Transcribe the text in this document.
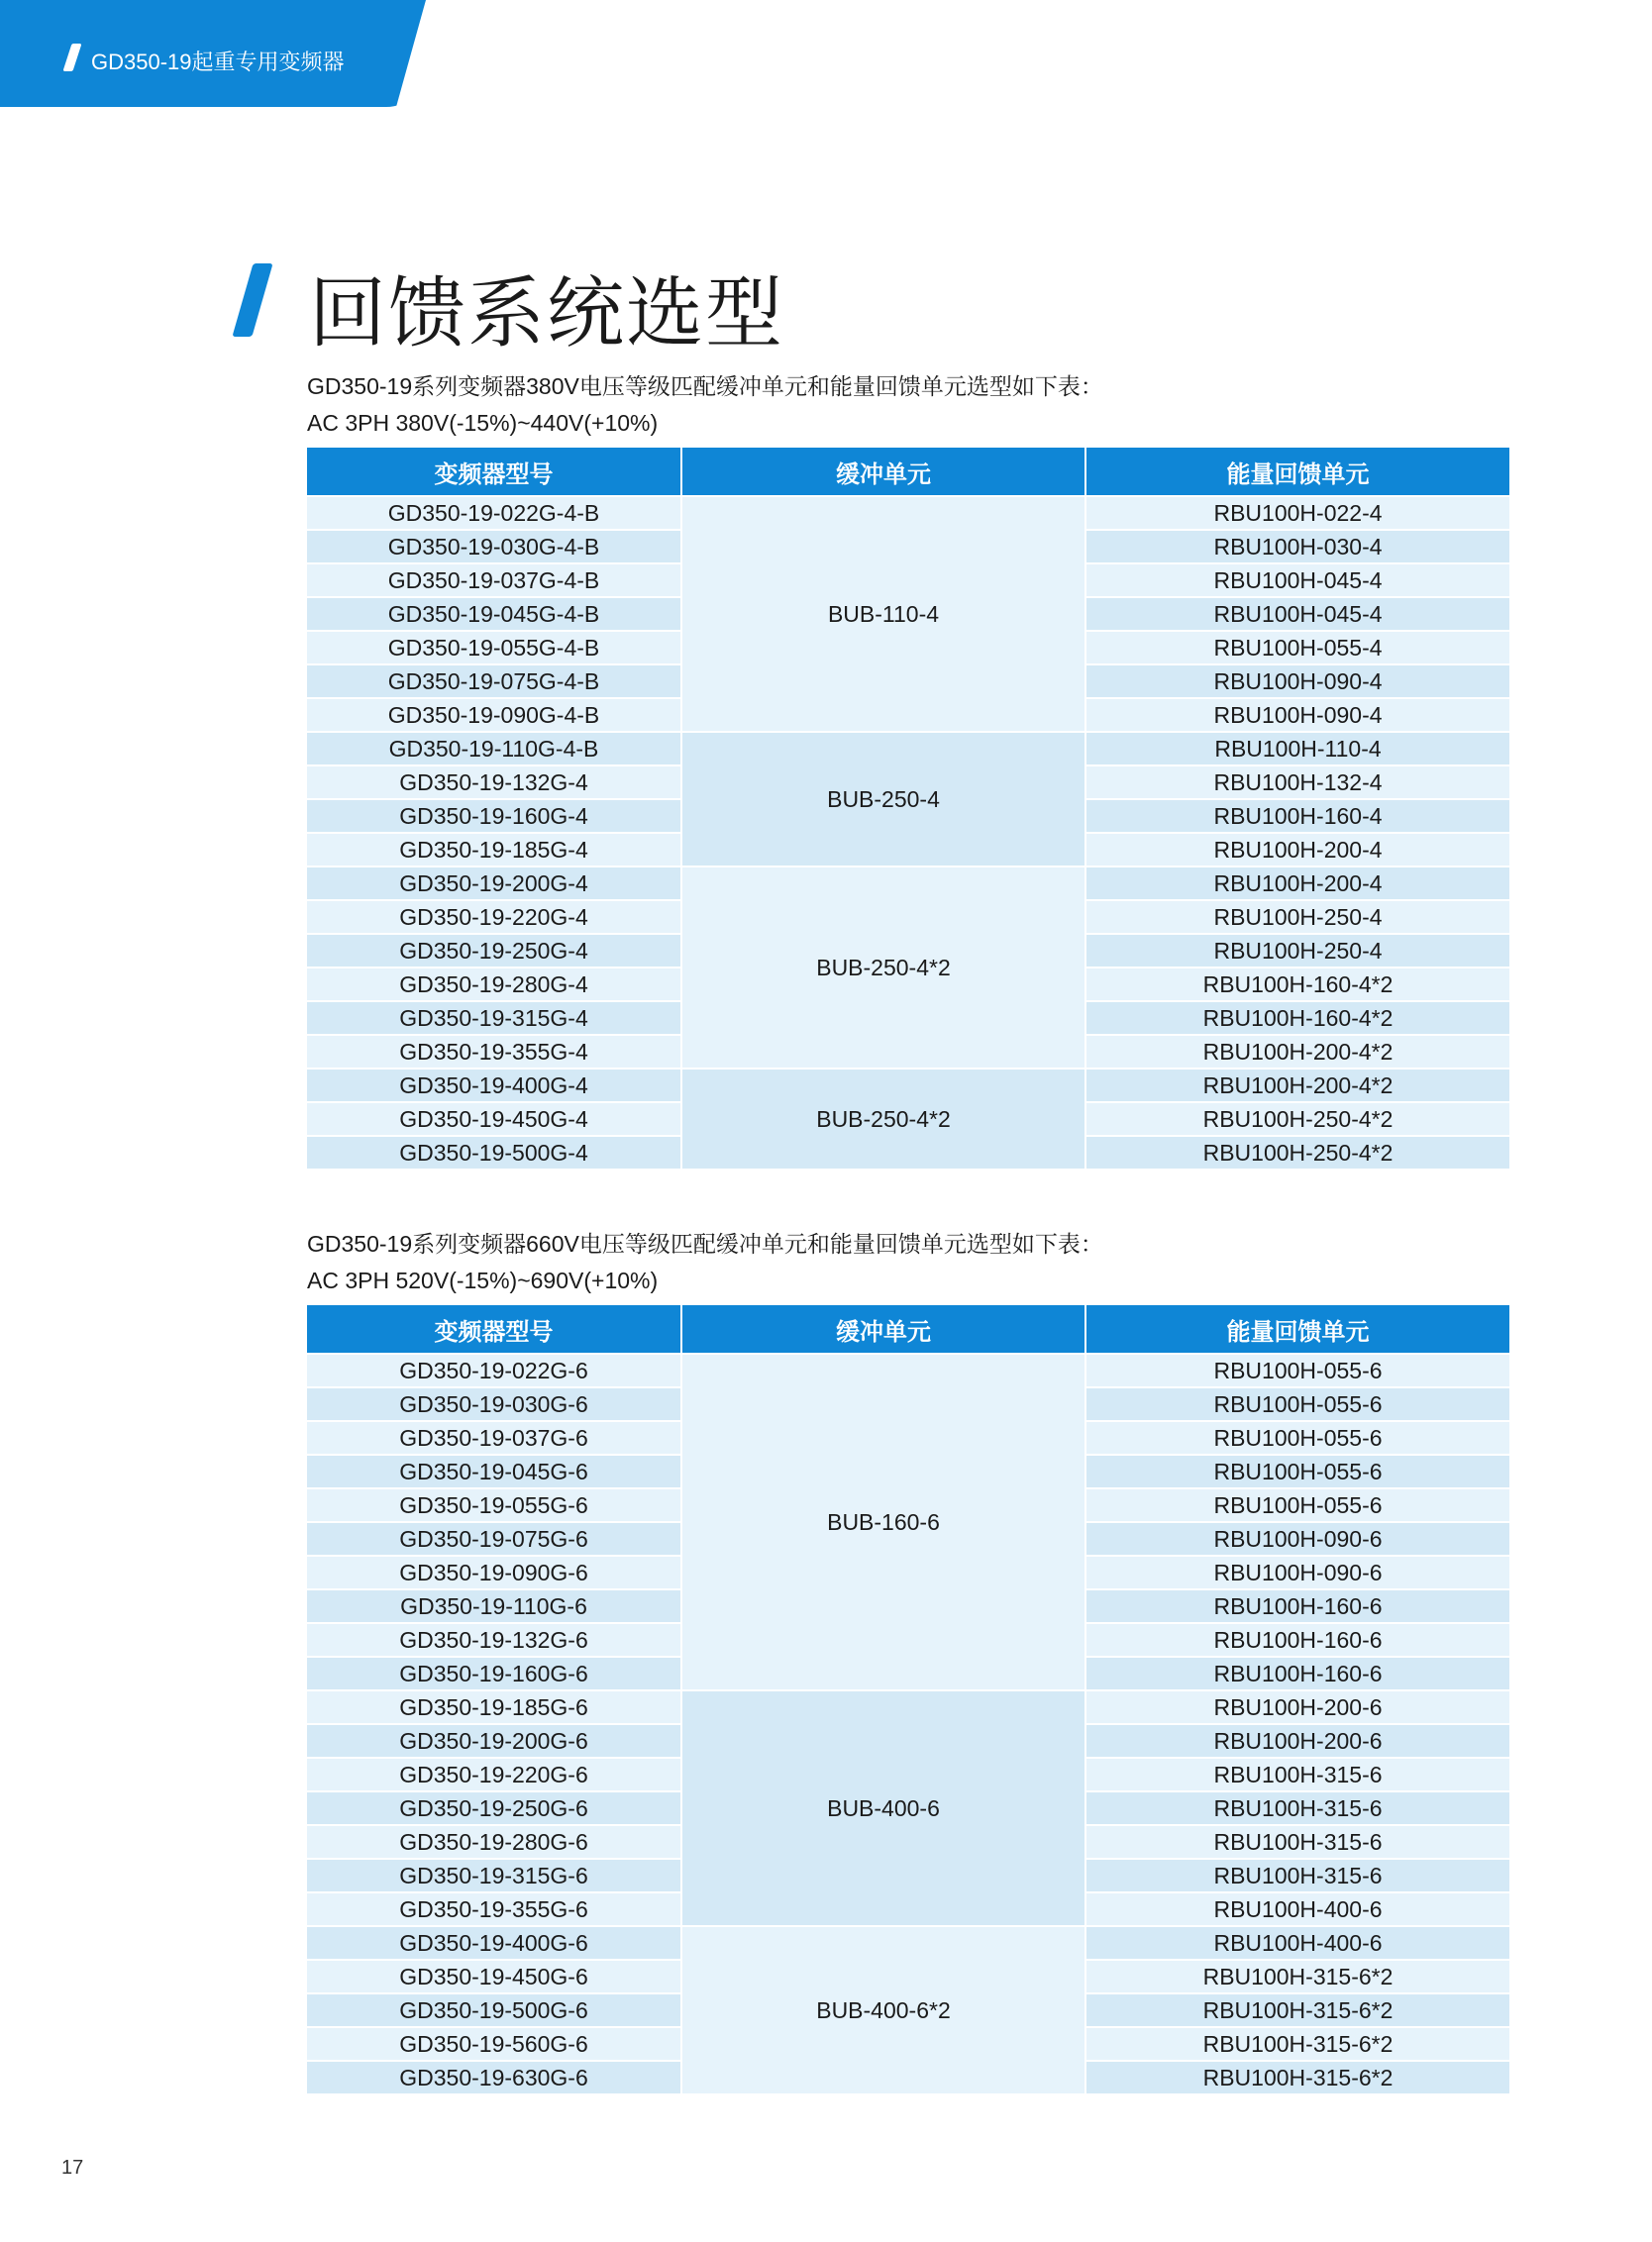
GD350-19起重专用变频器
回馈系统选型
GD350-19系列变频器380V电压等级匹配缓冲单元和能量回馈单元选型如下表：
AC 3PH 380V(-15%)~440V(+10%)
变频器型号	缓冲单元	能量回馈单元
GD350-19-022G-4-B	BUB-110-4	RBU100H-022-4
GD350-19-030G-4-B		RBU100H-030-4
GD350-19-037G-4-B		RBU100H-045-4
GD350-19-045G-4-B		RBU100H-045-4
GD350-19-055G-4-B		RBU100H-055-4
GD350-19-075G-4-B		RBU100H-090-4
GD350-19-090G-4-B		RBU100H-090-4
GD350-19-110G-4-B	BUB-250-4	RBU100H-110-4
GD350-19-132G-4		RBU100H-132-4
GD350-19-160G-4		RBU100H-160-4
GD350-19-185G-4		RBU100H-200-4
GD350-19-200G-4	BUB-250-4*2	RBU100H-200-4
GD350-19-220G-4		RBU100H-250-4
GD350-19-250G-4		RBU100H-250-4
GD350-19-280G-4		RBU100H-160-4*2
GD350-19-315G-4		RBU100H-160-4*2
GD350-19-355G-4		RBU100H-200-4*2
GD350-19-400G-4	BUB-250-4*2	RBU100H-200-4*2
GD350-19-450G-4		RBU100H-250-4*2
GD350-19-500G-4		RBU100H-250-4*2
GD350-19系列变频器660V电压等级匹配缓冲单元和能量回馈单元选型如下表：
AC 3PH 520V(-15%)~690V(+10%)
变频器型号	缓冲单元	能量回馈单元
GD350-19-022G-6	BUB-160-6	RBU100H-055-6
GD350-19-030G-6		RBU100H-055-6
GD350-19-037G-6		RBU100H-055-6
GD350-19-045G-6		RBU100H-055-6
GD350-19-055G-6		RBU100H-055-6
GD350-19-075G-6		RBU100H-090-6
GD350-19-090G-6		RBU100H-090-6
GD350-19-110G-6		RBU100H-160-6
GD350-19-132G-6		RBU100H-160-6
GD350-19-160G-6		RBU100H-160-6
GD350-19-185G-6	BUB-400-6	RBU100H-200-6
GD350-19-200G-6		RBU100H-200-6
GD350-19-220G-6		RBU100H-315-6
GD350-19-250G-6		RBU100H-315-6
GD350-19-280G-6		RBU100H-315-6
GD350-19-315G-6		RBU100H-315-6
GD350-19-355G-6		RBU100H-400-6
GD350-19-400G-6	BUB-400-6*2	RBU100H-400-6
GD350-19-450G-6		RBU100H-315-6*2
GD350-19-500G-6		RBU100H-315-6*2
GD350-19-560G-6		RBU100H-315-6*2
GD350-19-630G-6		RBU100H-315-6*2
17
